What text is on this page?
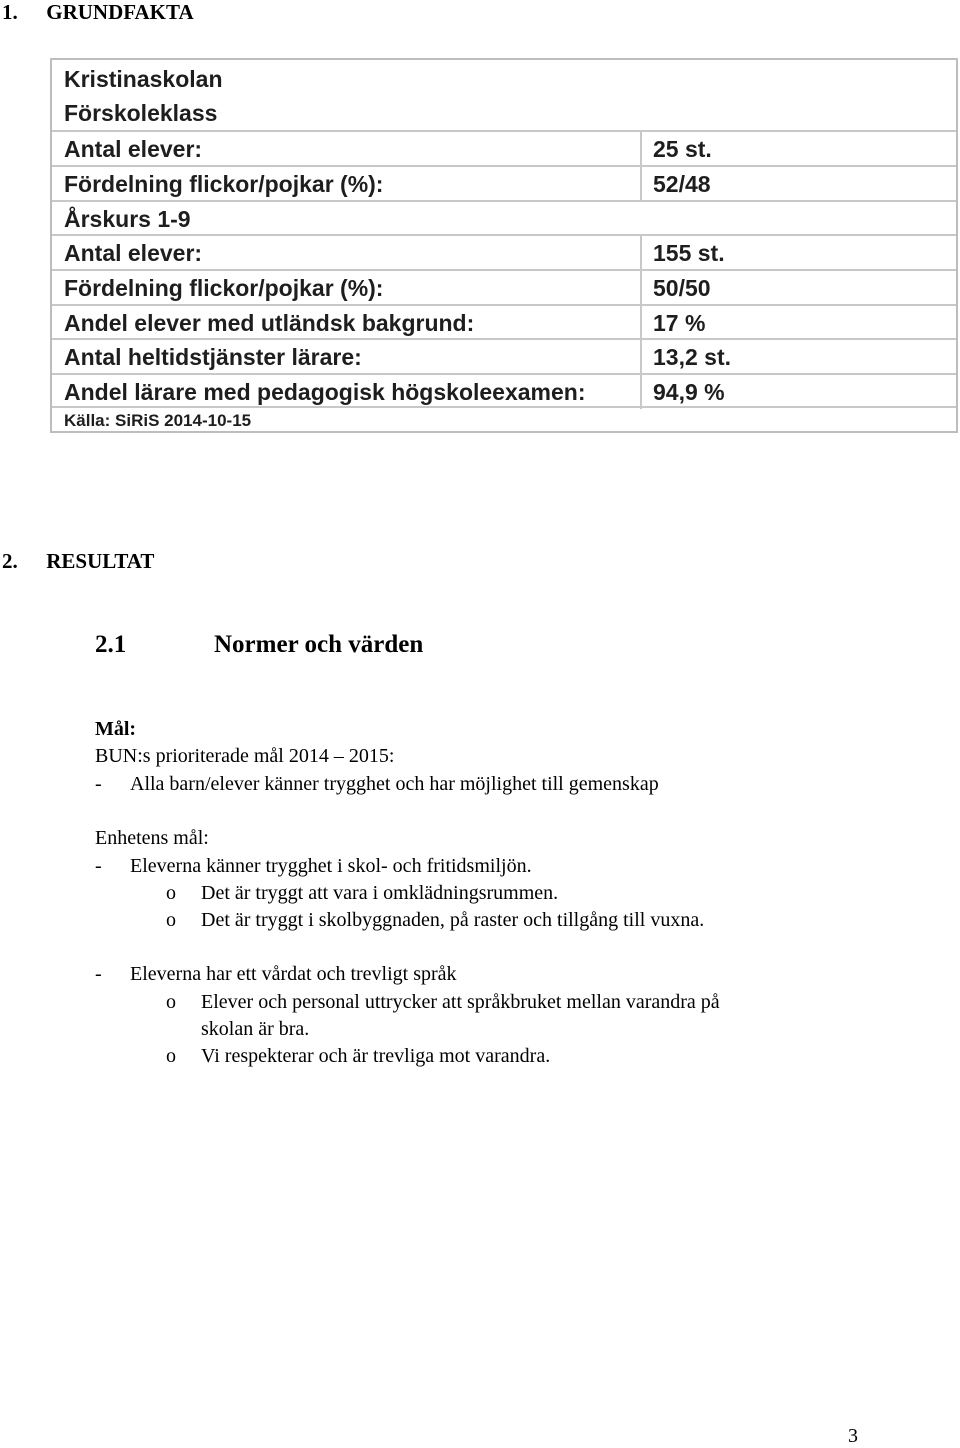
1. GRUNDFAKTA
Kristinaskolan
Förskoleklass
Antal elever:	25 st.
Fördelning flickor/pojkar (%):	52/48
Årskurs 1-9
Antal elever:	155 st.
Fördelning flickor/pojkar (%):	50/50
Andel elever med utländsk bakgrund:	17 %
Antal heltidstjänster lärare:	13,2 st.
Andel lärare med pedagogisk högskoleexamen:	94,9 %
Källa: SiRiS 2014-10-15
2. RESULTAT
2.1	Normer och värden
Mål:
BUN:s prioriterade mål 2014 – 2015:
- Alla barn/elever känner trygghet och har möjlighet till gemenskap
Enhetens mål:
- Eleverna känner trygghet i skol- och fritidsmiljön.
o Det är tryggt att vara i omklädningsrummen.
o Det är tryggt i skolbyggnaden, på raster och tillgång till vuxna.
- Eleverna har ett vårdat och trevligt språk
o Elever och personal uttrycker att språkbruket mellan varandra på
skolan är bra.
o Vi respekterar och är trevliga mot varandra.
3
